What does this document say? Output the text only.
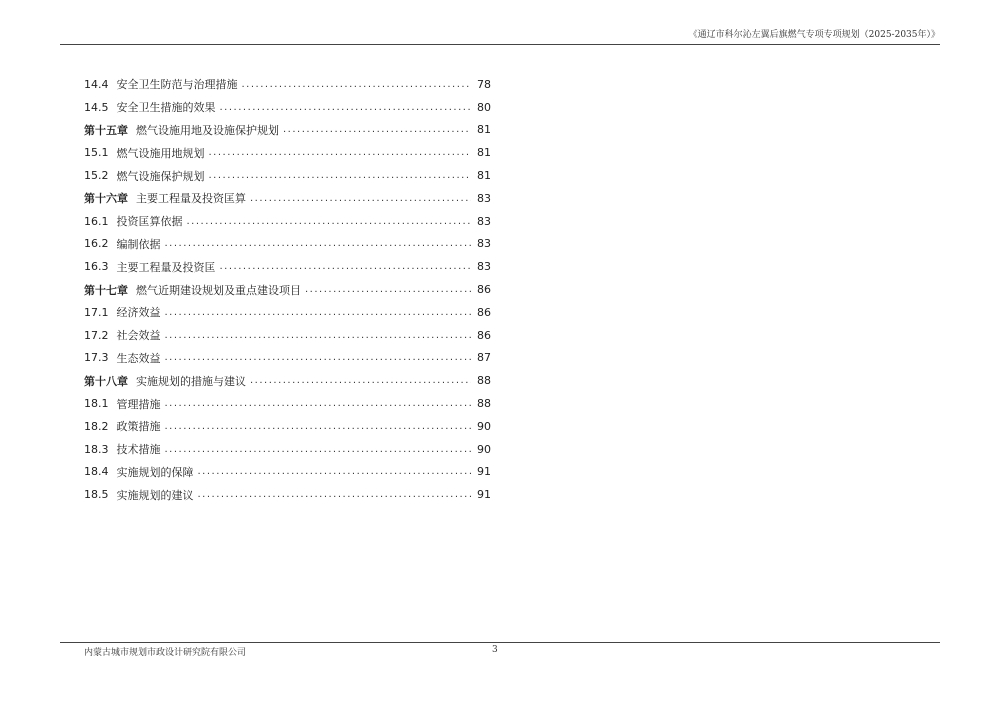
《通辽市科尔沁左翼后旗燃气专项专项规划（2025-2035年）》
14.4 安全卫生防范与治理措施 .....	78
14.5 安全卫生措施的效果 .....	80
第十五章 燃气设施用地及设施保护规划 .....	81
15.1 燃气设施用地规划 .....	81
15.2 燃气设施保护规划 .....	81
第十六章 主要工程量及投资匡算 .....	83
16.1 投资匡算依据 .....	83
16.2 编制依据 .....	83
16.3 主要工程量及投资匡 .....	83
第十七章 燃气近期建设规划及重点建设项目 .....	86
17.1 经济效益 .....	86
17.2 社会效益 .....	86
17.3 生态效益 .....	87
第十八章 实施规划的措施与建议 .....	88
18.1 管理措施 .....	88
18.2 政策措施 .....	90
18.3 技术措施 .....	90
18.4 实施规划的保障 .....	91
18.5 实施规划的建议 .....	91
内蒙古城市规划市政设计研究院有限公司	3
